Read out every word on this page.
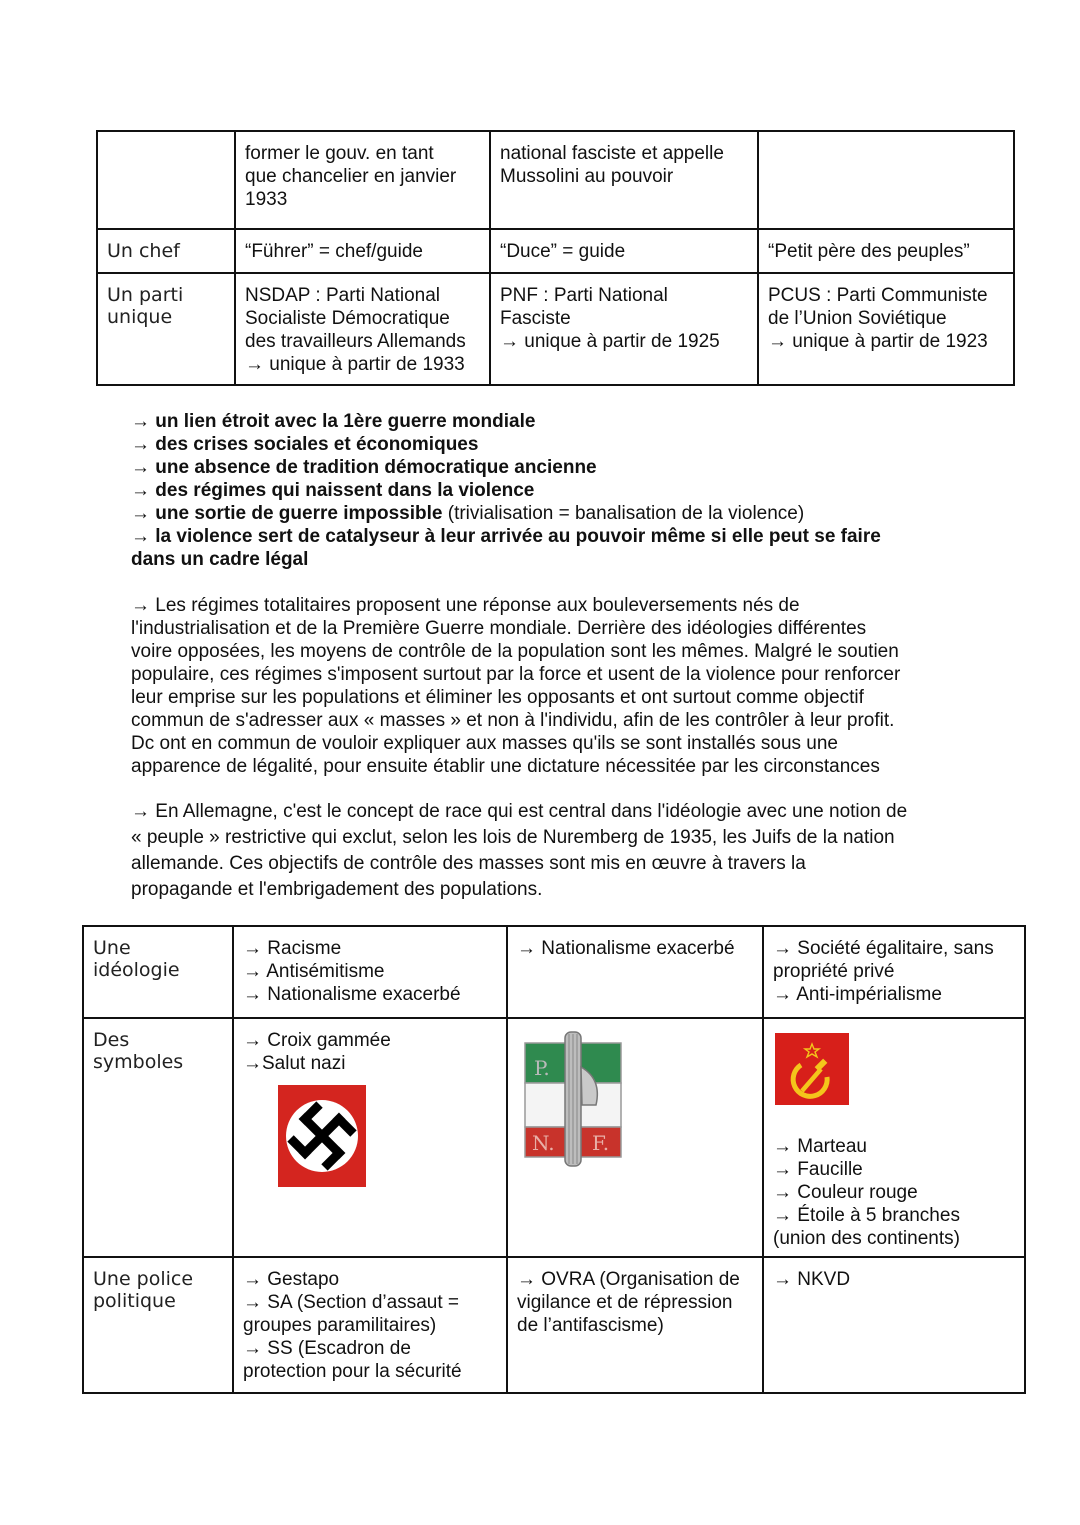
	former le gouv. en tant
que chancelier en janvier
1933	national fasciste et appelle
Mussolini au pouvoir	

Un chef	“Führer” = chef/guide	“Duce” = guide	“Petit père des peuples”

Un parti unique	NSDAP : Parti National
Socialiste Démocratique
des travailleurs Allemands
→ unique à partir de 1933	PNF : Parti National
Fasciste
→ unique à partir de 1925	PCUS : Parti Communiste
de l’Union Soviétique
→ unique à partir de 1923
→ un lien étroit avec la 1ère guerre mondiale
→ des crises sociales et économiques
→ une absence de tradition démocratique ancienne
→ des régimes qui naissent dans la violence
→ une sortie de guerre impossible (trivialisation = banalisation de la violence)
→ la violence sert de catalyseur à leur arrivée au pouvoir même si elle peut se faire
dans un cadre légal
→ Les régimes totalitaires proposent une réponse aux bouleversements nés de
l'industrialisation et de la Première Guerre mondiale. Derrière des idéologies différentes
voire opposées, les moyens de contrôle de la population sont les mêmes. Malgré le soutien
populaire, ces régimes s'imposent surtout par la force et usent de la violence pour renforcer
leur emprise sur les populations et éliminer les opposants et ont surtout comme objectif
commun de s'adresser aux « masses » et non à l'individu, afin de les contrôler à leur profit.
Dc ont en commun de vouloir expliquer aux masses qu'ils se sont installés sous une
apparence de légalité, pour ensuite établir une dictature nécessitée par les circonstances
→ En Allemagne, c'est le concept de race qui est central dans l'idéologie avec une notion de
« peuple » restrictive qui exclut, selon les lois de Nuremberg de 1935, les Juifs de la nation
allemande. Ces objectifs de contrôle des masses sont mis en œuvre à travers la
propagande et l'embrigadement des populations.
Une
idéologie	→ Racisme
→ Antisémitisme
→ Nationalisme exacerbé	→ Nationalisme exacerbé	→ Société égalitaire, sans
propriété privé
→ Anti-impérialisme

Des
symboles	→ Croix gammée
→Salut nazi	P.
N. F.	→ Marteau
→ Faucille
→ Couleur rouge
→ Étoile à 5 branches
(union des continents)

Une police
politique	→ Gestapo
→ SA (Section d’assaut =
groupes paramilitaires)
→ SS (Escadron de
protection pour la sécurité	→ OVRA (Organisation de
vigilance et de répression
de l’antifascisme)	→ NKVD
